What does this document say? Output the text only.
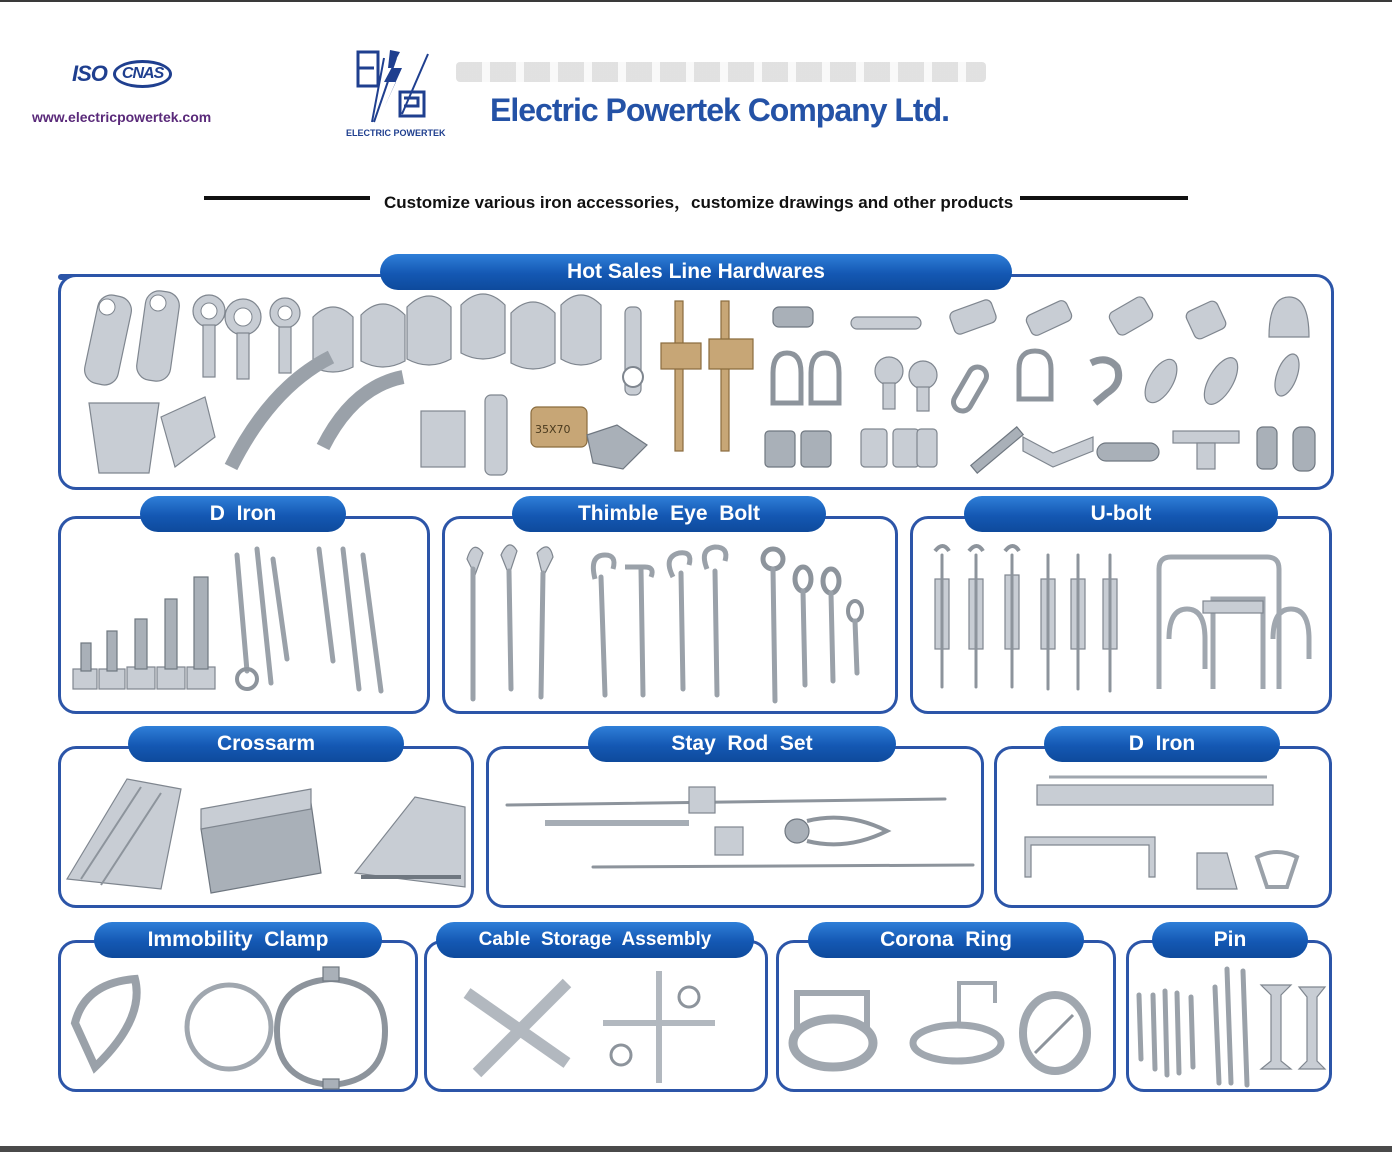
ISO CNAS
www.electricpowertek.com
ELECTRIC POWERTEK
Electric Powertek Company Ltd.
Customize various iron accessories，customize drawings and other products
35X70
Hot Sales Line Hardwares
D  Iron	Thimble  Eye  Bolt	U-bolt
Crossarm	Stay  Rod  Set	D  Iron
Immobility  Clamp	Cable  Storage  Assembly	Corona  Ring	Pin
